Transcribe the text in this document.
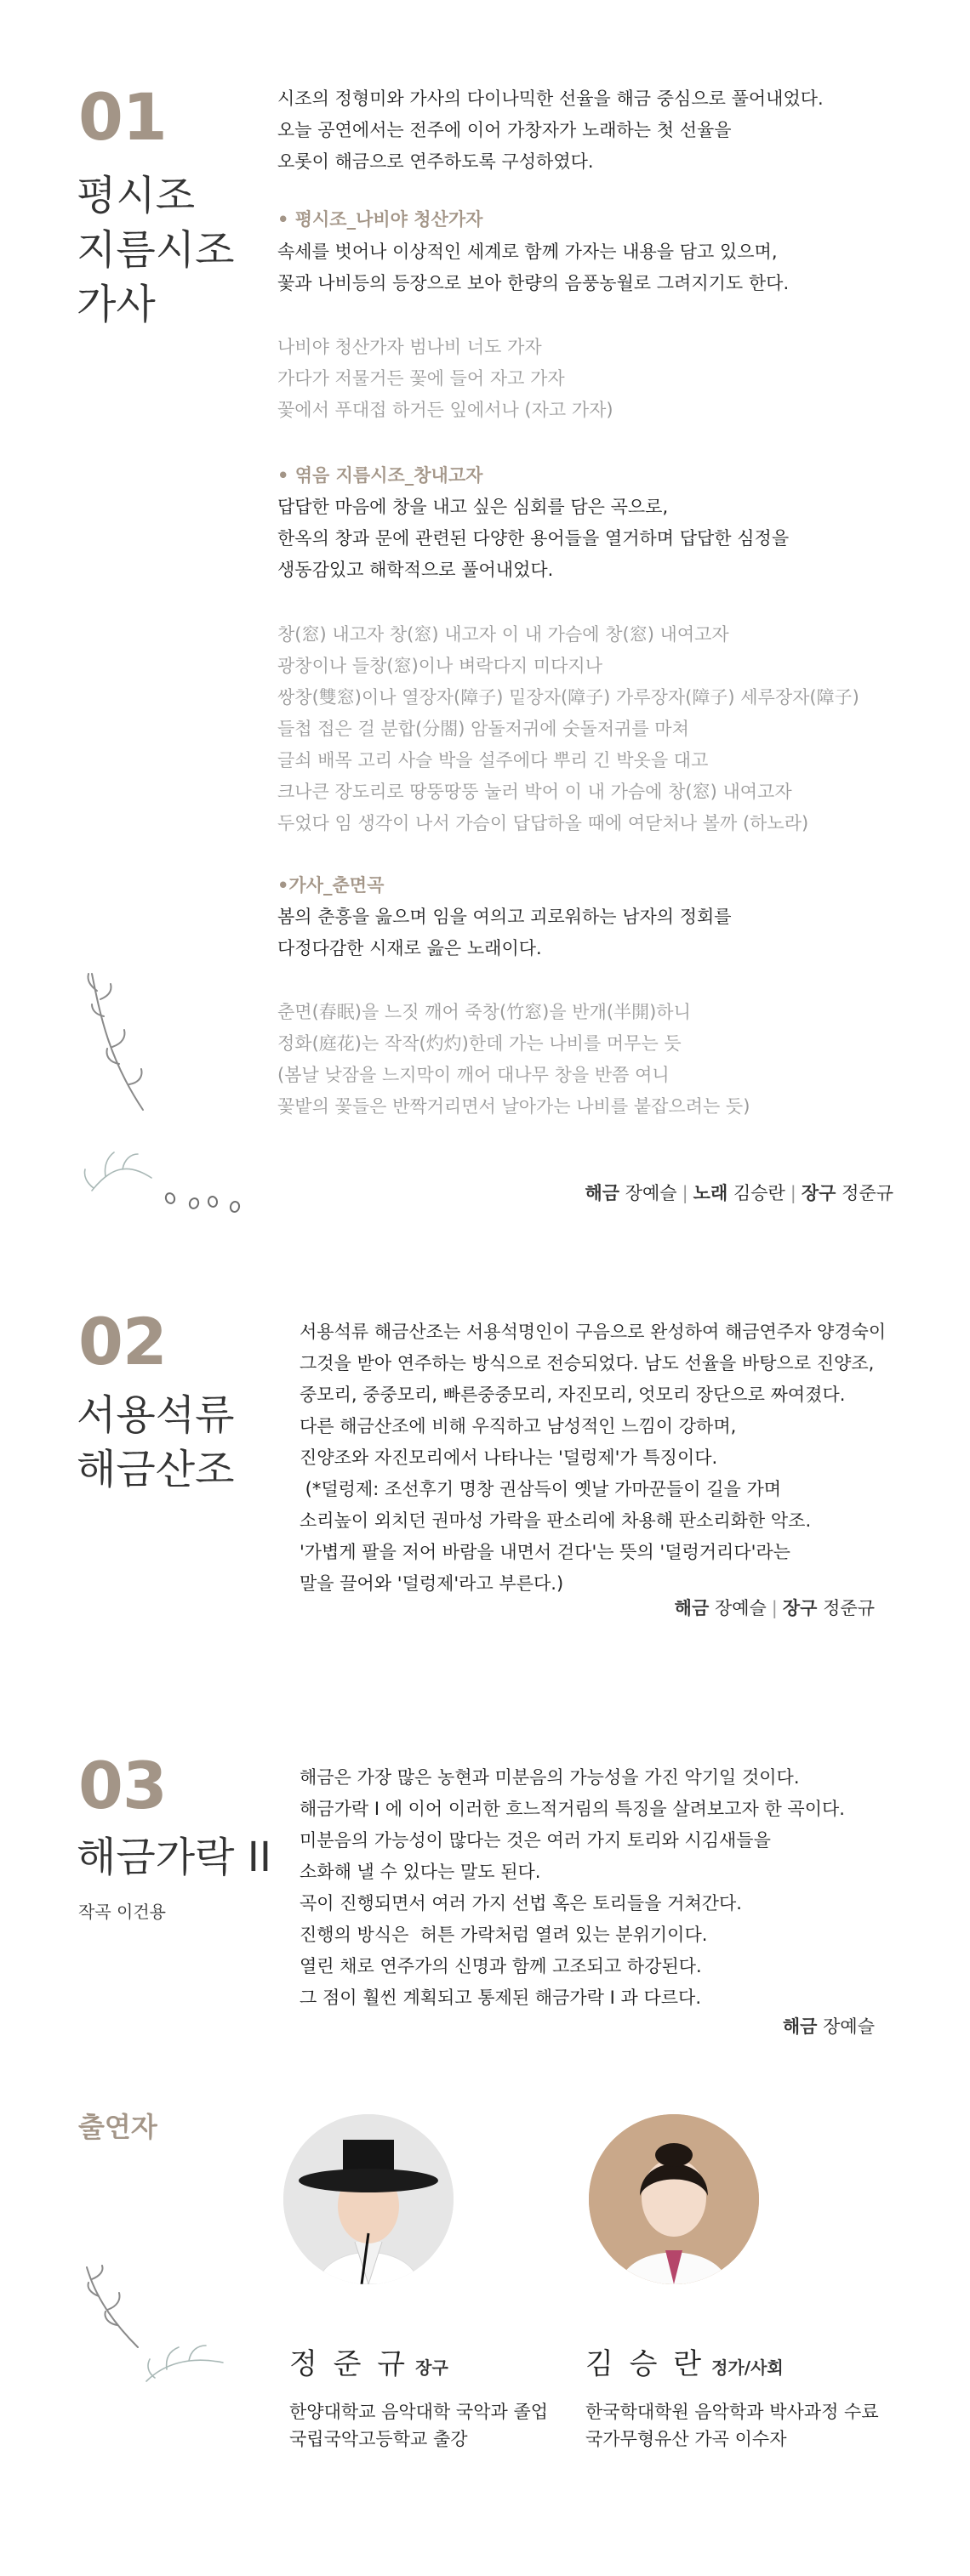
01
평시조
지름시조
가사
시조의 정형미와 가사의 다이나믹한 선율을 해금 중심으로 풀어내었다.
오늘 공연에서는 전주에 이어 가창자가 노래하는 첫 선율을
오롯이 해금으로 연주하도록 구성하였다.
• 평시조_나비야 청산가자
속세를 벗어나 이상적인 세계로 함께 가자는 내용을 담고 있으며,
꽃과 나비등의 등장으로 보아 한량의 음풍농월로 그려지기도 한다.
나비야 청산가자 범나비 너도 가자
가다가 저물거든 꽃에 들어 자고 가자
꽃에서 푸대접 하거든 잎에서나 (자고 가자)
• 엮음 지름시조_창내고자
답답한 마음에 창을 내고 싶은 심회를 담은 곡으로,
한옥의 창과 문에 관련된 다양한 용어들을 열거하며 답답한 심정을
생동감있고 해학적으로 풀어내었다.
창(窓) 내고자 창(窓) 내고자 이 내 가슴에 창(窓) 내여고자
광창이나 들창(窓)이나 벼락다지 미다지나
쌍창(雙窓)이나 열장자(障子) 밑장자(障子) 가루장자(障子) 세루장자(障子)
들첩 접은 걸 분합(分閤) 암돌저귀에 숫돌저귀를 마쳐
글쇠 배목 고리 사슬 박을 설주에다 뿌리 긴 박옷을 대고
크나큰 장도리로 땅뚱땅뚱 눌러 박어 이 내 가슴에 창(窓) 내여고자
두었다 임 생각이 나서 가슴이 답답하올 때에 여닫처나 볼까 (하노라)
•가사_춘면곡
봄의 춘흥을 읊으며 임을 여의고 괴로워하는 남자의 정회를
다정다감한 시재로 읊은 노래이다.
춘면(春眠)을 느짓 깨어 죽창(竹窓)을 반개(半開)하니
정화(庭花)는 작작(灼灼)한데 가는 나비를 머무는 듯
(봄날 낮잠을 느지막이 깨어 대나무 창을 반쯤 여니
꽃밭의 꽃들은 반짝거리면서 날아가는 나비를 붙잡으려는 듯)
해금 장예슬 | 노래 김승란 | 장구 정준규
02
서용석류
해금산조
서용석류 해금산조는 서용석명인이 구음으로 완성하여 해금연주자 양경숙이
그것을 받아 연주하는 방식으로 전승되었다. 남도 선율을 바탕으로 진양조,
중모리, 중중모리, 빠른중중모리, 자진모리, 엇모리 장단으로 짜여졌다.
다른 해금산조에 비해 우직하고 남성적인 느낌이 강하며,
진양조와 자진모리에서 나타나는 '덜렁제'가 특징이다.
(*덜렁제: 조선후기 명창 권삼득이 옛날 가마꾼들이 길을 가며
소리높이 외치던 권마성 가락을 판소리에 차용해 판소리화한 악조.
'가볍게 팔을 저어 바람을 내면서 걷다'는 뜻의 '덜렁거리다'라는
말을 끌어와 '덜렁제'라고 부른다.)
해금 장예슬 | 장구 정준규
03
해금가락 II
작곡 이건용
해금은 가장 많은 농현과 미분음의 가능성을 가진 악기일 것이다.
해금가락 I 에 이어 이러한 흐느적거림의 특징을 살려보고자 한 곡이다.
미분음의 가능성이 많다는 것은 여러 가지 토리와 시김새들을
소화해 낼 수 있다는 말도 된다.
곡이 진행되면서 여러 가지 선법 혹은 토리들을 거쳐간다.
진행의 방식은  허튼 가락처럼 열려 있는 분위기이다.
열린 채로 연주가의 신명과 함께 고조되고 하강된다.
그 점이 훨씬 계획되고 통제된 해금가락 I 과 다르다.
해금 장예슬
출연자
정 준 규 장구
한양대학교 음악대학 국악과 졸업
국립국악고등학교 출강
김 승 란 정가/사회
한국학대학원 음악학과 박사과정 수료
국가무형유산 가곡 이수자
